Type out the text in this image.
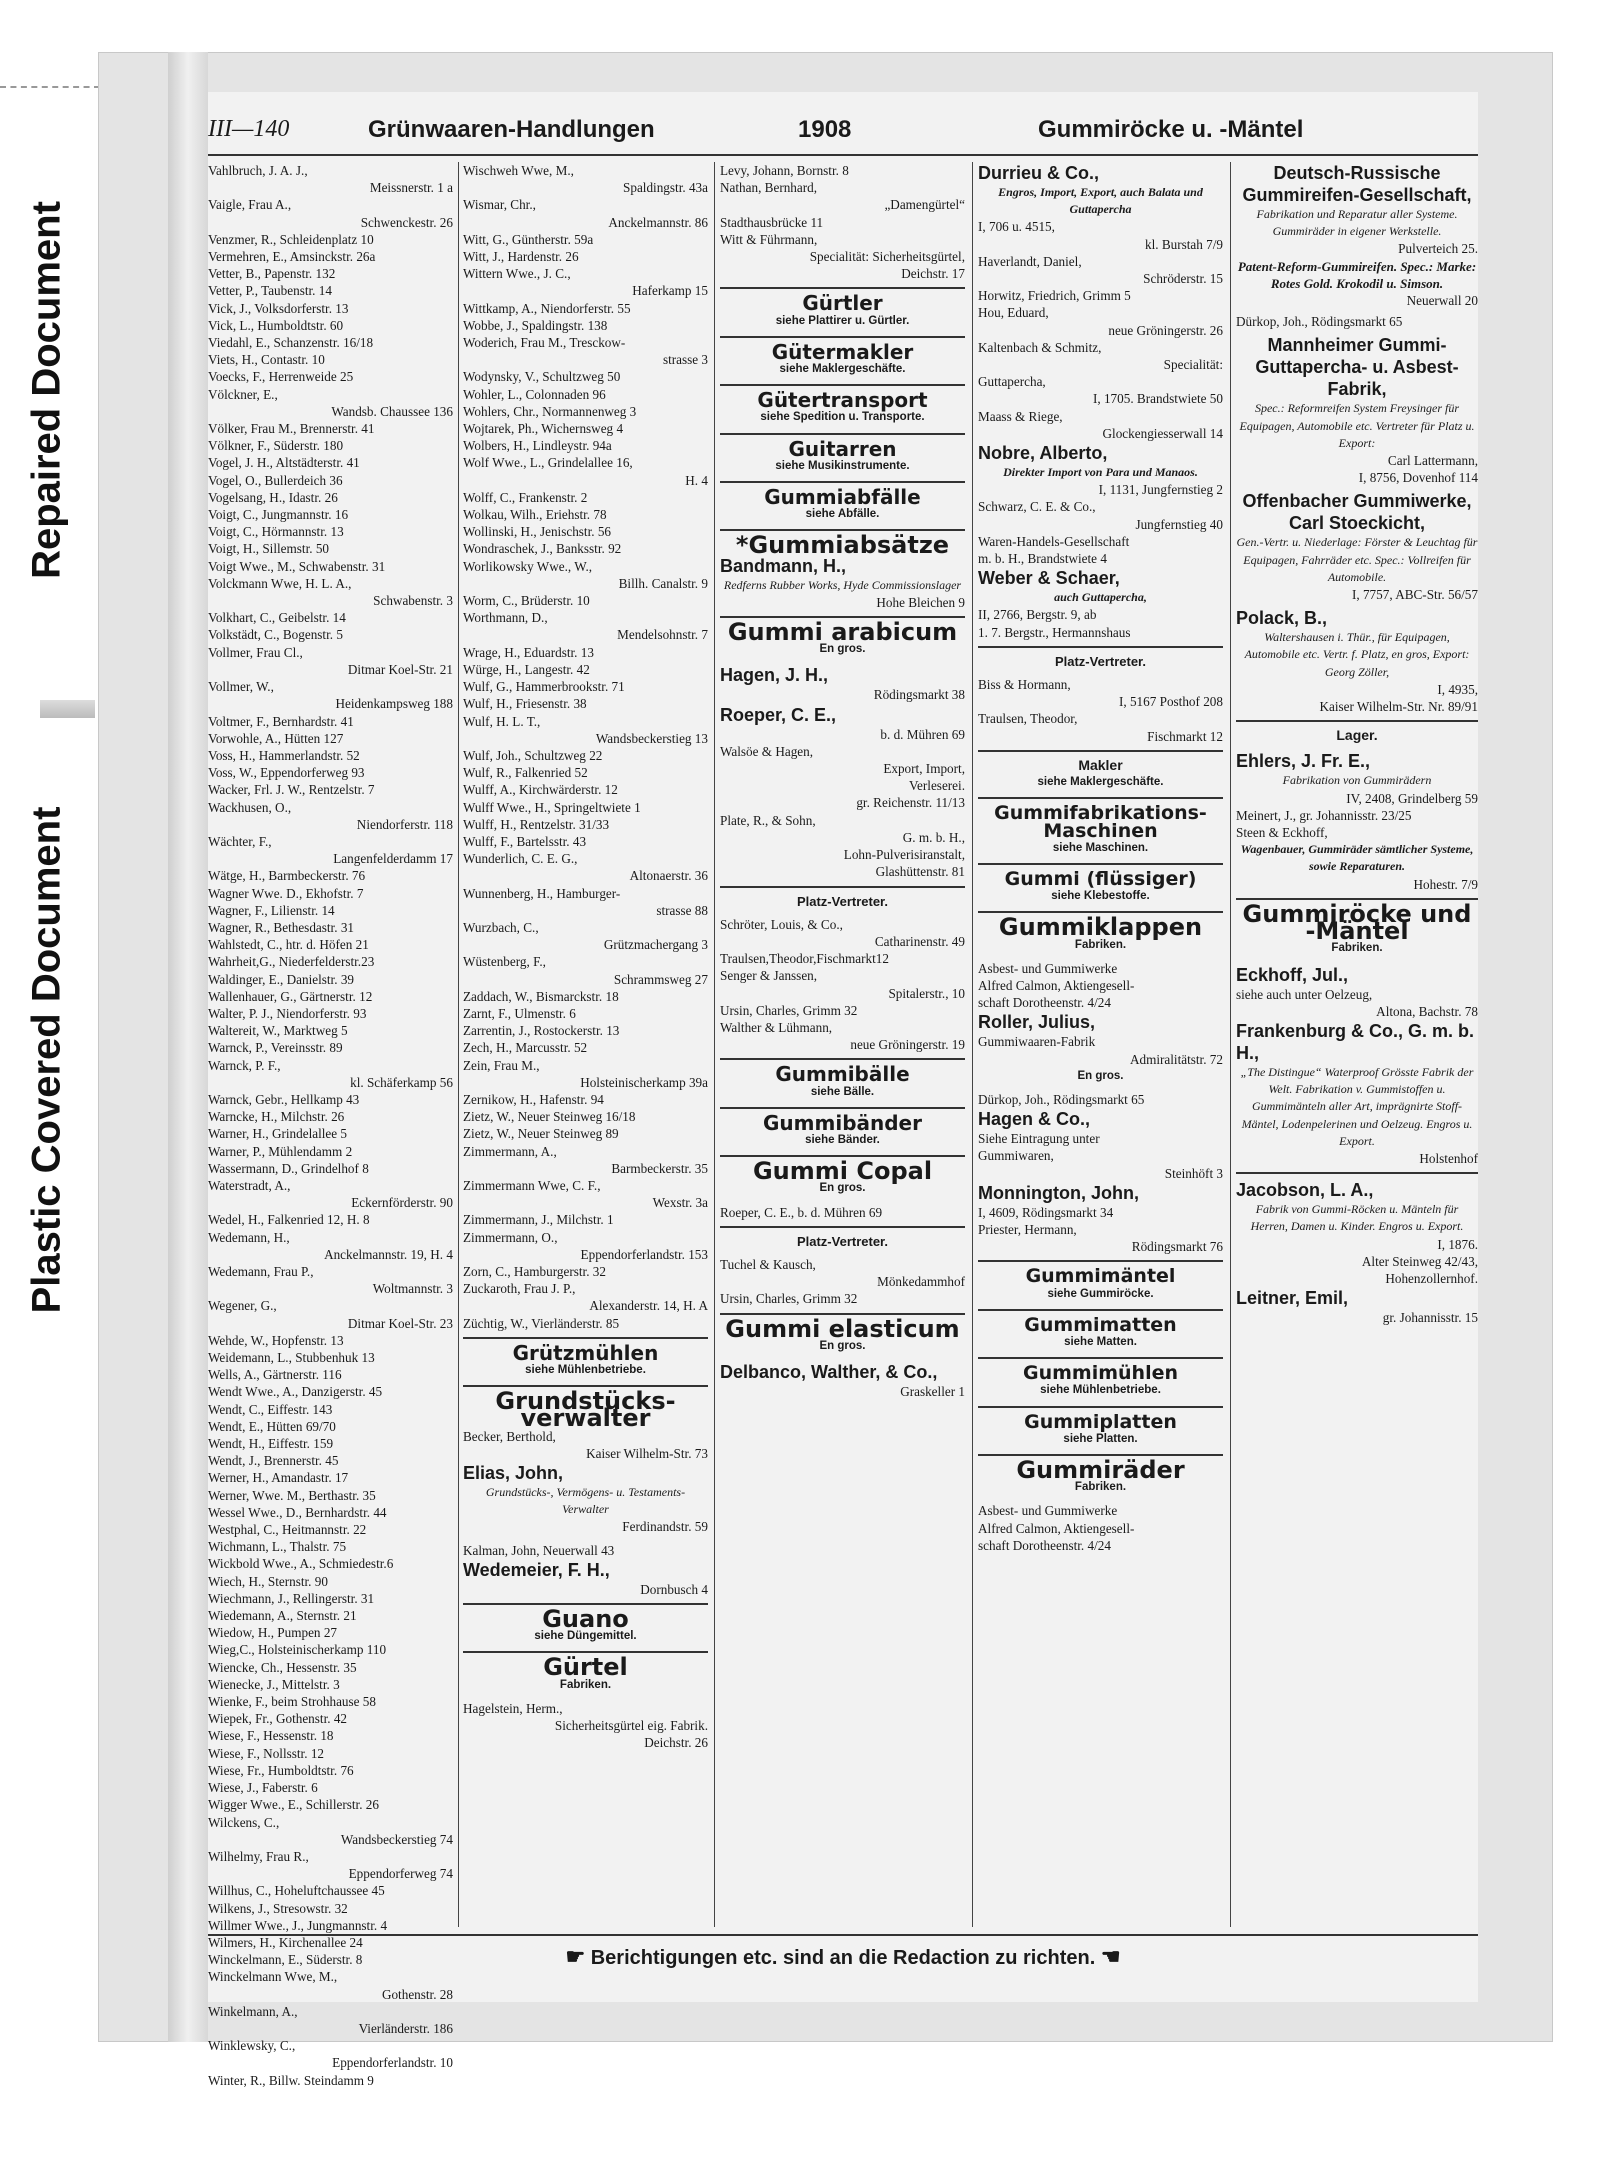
Repaired Document
Plastic Covered Document
III—140	Grünwaaren-Handlungen	1908	Gummiröcke u. -Mäntel
Vahlbruch, J. A. J.,
Meissnerstr. 1 a
Vaigle, Frau A.,
Schwenckestr. 26
Venzmer, R., Schleidenplatz 10
Vermehren, E., Amsinckstr. 26a
Vetter, B., Papenstr. 132
Vetter, P., Taubenstr. 14
Vick, J., Volksdorferstr. 13
Vick, L., Humboldtstr. 60
Viedahl, E., Schanzenstr. 16/18
Viets, H., Contastr. 10
Voecks, F., Herrenweide 25
Völckner, E.,
Wandsb. Chaussee 136
Völker, Frau M., Brennerstr. 41
Völkner, F., Süderstr. 180
Vogel, J. H., Altstädterstr. 41
Vogel, O., Bullerdeich 36
Vogelsang, H., Idastr. 26
Voigt, C., Jungmannstr. 16
Voigt, C., Hörmannstr. 13
Voigt, H., Sillemstr. 50
Voigt Wwe., M., Schwabenstr. 31
Volckmann Wwe, H. L. A.,
Schwabenstr. 3
Volkhart, C., Geibelstr. 14
Volkstädt, C., Bogenstr. 5
Vollmer, Frau Cl.,
Ditmar Koel-Str. 21
Vollmer, W.,
Heidenkampsweg 188
Voltmer, F., Bernhardstr. 41
Vorwohle, A., Hütten 127
Voss, H., Hammerlandstr. 52
Voss, W., Eppendorferweg 93
Wacker, Frl. J. W., Rentzelstr. 7
Wackhusen, O.,
Niendorferstr. 118
Wächter, F.,
Langenfelderdamm 17
Wätge, H., Barmbeckerstr. 76
Wagner Wwe. D., Ekhofstr. 7
Wagner, F., Lilienstr. 14
Wagner, R., Bethesdastr. 31
Wahlstedt, C., htr. d. Höfen 21
Wahrheit,G., Niederfelderstr.23
Waldinger, E., Danielstr. 39
Wallenhauer, G., Gärtnerstr. 12
Walter, P. J., Niendorferstr. 93
Waltereit, W., Marktweg 5
Warnck, P., Vereinsstr. 89
Warnck, P. F.,
kl. Schäferkamp 56
Warnck, Gebr., Hellkamp 43
Warncke, H., Milchstr. 26
Warner, H., Grindelallee 5
Warner, P., Mühlendamm 2
Wassermann, D., Grindelhof 8
Waterstradt, A.,
Eckernförderstr. 90
Wedel, H., Falkenried 12, H. 8
Wedemann, H.,
Anckelmannstr. 19, H. 4
Wedemann, Frau P.,
Woltmannstr. 3
Wegener, G.,
Ditmar Koel-Str. 23
Wehde, W., Hopfenstr. 13
Weidemann, L., Stubbenhuk 13
Wells, A., Gärtnerstr. 116
Wendt Wwe., A., Danzigerstr. 45
Wendt, C., Eiffestr. 143
Wendt, E., Hütten 69/70
Wendt, H., Eiffestr. 159
Wendt, J., Brennerstr. 45
Werner, H., Amandastr. 17
Werner, Wwe. M., Berthastr. 35
Wessel Wwe., D., Bernhardstr. 44
Westphal, C., Heitmannstr. 22
Wichmann, L., Thalstr. 75
Wickbold Wwe., A., Schmiedestr.6
Wiech, H., Sternstr. 90
Wiechmann, J., Rellingerstr. 31
Wiedemann, A., Sternstr. 21
Wiedow, H., Pumpen 27
Wieg,C., Holsteinischerkamp 110
Wiencke, Ch., Hessenstr. 35
Wienecke, J., Mittelstr. 3
Wienke, F., beim Strohhause 58
Wiepek, Fr., Gothenstr. 42
Wiese, F., Hessenstr. 18
Wiese, F., Nollsstr. 12
Wiese, Fr., Humboldtstr. 76
Wiese, J., Faberstr. 6
Wigger Wwe., E., Schillerstr. 26
Wilckens, C.,
Wandsbeckerstieg 74
Wilhelmy, Frau R.,
Eppendorferweg 74
Willhus, C., Hoheluftchaussee 45
Wilkens, J., Stresowstr. 32
Willmer Wwe., J., Jungmannstr. 4
Wilmers, H., Kirchenallee 24
Winckelmann, E., Süderstr. 8
Winckelmann Wwe, M.,
Gothenstr. 28
Winkelmann, A.,
Vierländerstr. 186
Winklewsky, C.,
Eppendorferlandstr. 10
Winter, R., Billw. Steindamm 9
Wischweh Wwe, M.,
Spaldingstr. 43a
Wismar, Chr.,
Anckelmannstr. 86
Witt, G., Güntherstr. 59a
Witt, J., Hardenstr. 26
Wittern Wwe., J. C.,
Haferkamp 15
Wittkamp, A., Niendorferstr. 55
Wobbe, J., Spaldingstr. 138
Woderich, Frau M., Tresckow-
strasse 3
Wodynsky, V., Schultzweg 50
Wohler, L., Colonnaden 96
Wohlers, Chr., Normannenweg 3
Wojtarek, Ph., Wichernsweg 4
Wolbers, H., Lindleystr. 94a
Wolf Wwe., L., Grindelallee 16,
H. 4
Wolff, C., Frankenstr. 2
Wolkau, Wilh., Eriehstr. 78
Wollinski, H., Jenischstr. 56
Wondraschek, J., Banksstr. 92
Worlikowsky Wwe., W.,
Billh. Canalstr. 9
Worm, C., Brüderstr. 10
Worthmann, D.,
Mendelsohnstr. 7
Wrage, H., Eduardstr. 13
Würge, H., Langestr. 42
Wulf, G., Hammerbrookstr. 71
Wulf, H., Friesenstr. 38
Wulf, H. L. T.,
Wandsbeckerstieg 13
Wulf, Joh., Schultzweg 22
Wulf, R., Falkenried 52
Wulff, A., Kirchwärderstr. 12
Wulff Wwe., H., Springeltwiete 1
Wulff, H., Rentzelstr. 31/33
Wulff, F., Bartelsstr. 43
Wunderlich, C. E. G.,
Altonaerstr. 36
Wunnenberg, H., Hamburger-
strasse 88
Wurzbach, C.,
Grützmachergang 3
Wüstenberg, F.,
Schrammsweg 27
Zaddach, W., Bismarckstr. 18
Zarnt, F., Ulmenstr. 6
Zarrentin, J., Rostockerstr. 13
Zech, H., Marcusstr. 52
Zein, Frau M.,
Holsteinischerkamp 39a
Zernikow, H., Hafenstr. 94
Zietz, W., Neuer Steinweg 16/18
Zietz, W., Neuer Steinweg 89
Zimmermann, A.,
Barmbeckerstr. 35
Zimmermann Wwe, C. F.,
Wexstr. 3a
Zimmermann, J., Milchstr. 1
Zimmermann, O.,
Eppendorferlandstr. 153
Zorn, C., Hamburgerstr. 32
Zuckaroth, Frau J. P.,
Alexanderstr. 14, H. A
Züchtig, W., Vierländerstr. 85
Grützmühlen
siehe Mühlenbetriebe.
Grundstücks-verwalter
Becker, Berthold,
Kaiser Wilhelm-Str. 73
Elias, John,
Grundstücks-, Vermögens- u. Testaments-Verwalter
Ferdinandstr. 59
Kalman, John, Neuerwall 43
Wedemeier, F. H.,
Dornbusch 4
Guano
siehe Düngemittel.
Gürtel
Fabriken.
Hagelstein, Herm.,
Sicherheitsgürtel eig. Fabrik.
Deichstr. 26
Levy, Johann, Bornstr. 8
Nathan, Bernhard,
„Damengürtel“
Stadthausbrücke 11
Witt & Führmann,
Specialität: Sicherheitsgürtel,
Deichstr. 17
Gürtler
siehe Plattirer u. Gürtler.
Gütermakler
siehe Maklergeschäfte.
Gütertransport
siehe Spedition u. Transporte.
Guitarren
siehe Musikinstrumente.
Gummiabfälle
siehe Abfälle.
*Gummiabsätze
Bandmann, H.,
Redferns Rubber Works, Hyde Commissionslager
Hohe Bleichen 9
Gummi arabicum
En gros.
Hagen, J. H.,
Rödingsmarkt 38
Roeper, C. E.,
b. d. Mühren 69
Walsöe & Hagen,
Export, Import,
Verleserei.
gr. Reichenstr. 11/13
Plate, R., & Sohn,
G. m. b. H.,
Lohn-Pulverisiranstalt,
Glashüttenstr. 81
Platz-Vertreter.
Schröter, Louis, & Co.,
Catharinenstr. 49
Traulsen,Theodor,Fischmarkt12
Senger & Janssen,
Spitalerstr., 10
Ursin, Charles, Grimm 32
Walther & Lühmann,
neue Gröningerstr. 19
Gummibälle
siehe Bälle.
Gummibänder
siehe Bänder.
Gummi Copal
En gros.
Roeper, C. E., b. d. Mühren 69
Platz-Vertreter.
Tuchel & Kausch,
Mönkedammhof
Ursin, Charles, Grimm 32
Gummi elasticum
En gros.
Delbanco, Walther, & Co.,
Graskeller 1
Durrieu & Co.,
Engros, Import, Export, auch Balata und Guttapercha
I, 706 u. 4515,
kl. Burstah 7/9
Haverlandt, Daniel,
Schröderstr. 15
Horwitz, Friedrich, Grimm 5
Hou, Eduard,
neue Gröningerstr. 26
Kaltenbach & Schmitz,
Specialität:
Guttapercha,
I, 1705. Brandstwiete 50
Maass & Riege,
Glockengiesserwall 14
Nobre, Alberto,
Direkter Import von Para und Manaos.
I, 1131, Jungfernstieg 2
Schwarz, C. E. & Co.,
Jungfernstieg 40
Waren-Handels-Gesellschaft
m. b. H., Brandstwiete 4
Weber & Schaer,
auch Guttapercha,
II, 2766, Bergstr. 9, ab
1. 7. Bergstr., Hermannshaus
Platz-Vertreter.
Biss & Hormann,
I, 5167 Posthof 208
Traulsen, Theodor,
Fischmarkt 12
Makler
siehe Maklergeschäfte.
Gummifabrikations-Maschinen
siehe Maschinen.
Gummi (flüssiger)
siehe Klebestoffe.
Gummiklappen
Fabriken.
Asbest- und Gummiwerke
Alfred Calmon, Aktiengesell-
schaft Dorotheenstr. 4/24
Roller, Julius,
Gummiwaaren-Fabrik
Admiralitätstr. 72
En gros.
Dürkop, Joh., Rödingsmarkt 65
Hagen & Co.,
Siehe Eintragung unter
Gummiwaren,
Steinhöft 3
Monnington, John,
I, 4609, Rödingsmarkt 34
Priester, Hermann,
Rödingsmarkt 76
Gummimäntel
siehe Gummiröcke.
Gummimatten
siehe Matten.
Gummimühlen
siehe Mühlenbetriebe.
Gummiplatten
siehe Platten.
Gummiräder
Fabriken.
Asbest- und Gummiwerke
Alfred Calmon, Aktiengesell-
schaft Dorotheenstr. 4/24
Deutsch-Russische Gummireifen-Gesellschaft,
Fabrikation und Reparatur aller Systeme. Gummiräder in eigener Werkstelle.
Pulverteich 25.
Patent-Reform-Gummireifen. Spec.: Marke: Rotes Gold. Krokodil u. Simson.
Neuerwall 20
Dürkop, Joh., Rödingsmarkt 65
Mannheimer Gummi-Guttapercha- u. Asbest-Fabrik,
Spec.: Reformreifen System Freysinger für Equipagen, Automobile etc. Vertreter für Platz u. Export:
Carl Lattermann,
I, 8756, Dovenhof 114
Offenbacher Gummiwerke, Carl Stoeckicht,
Gen.-Vertr. u. Niederlage: Förster & Leuchtag für Equipagen, Fahrräder etc. Spec.: Vollreifen für Automobile.
I, 7757, ABC-Str. 56/57
Polack, B.,
Waltershausen i. Thür., für Equipagen, Automobile etc. Vertr. f. Platz, en gros, Export: Georg Zöller,
I, 4935,
Kaiser Wilhelm-Str. Nr. 89/91
Lager.
Ehlers, J. Fr. E.,
Fabrikation von Gummirädern
IV, 2408, Grindelberg 59
Meinert, J., gr. Johannisstr. 23/25
Steen & Eckhoff,
Wagenbauer, Gummiräder sämtlicher Systeme, sowie Reparaturen.
Hohestr. 7/9
Gummiröcke und -Mäntel
Fabriken.
Eckhoff, Jul.,
siehe auch unter Oelzeug,
Altona, Bachstr. 78
Frankenburg & Co., G. m. b. H.,
„The Distingue“ Waterproof Grösste Fabrik der Welt. Fabrikation v. Gummistoffen u. Gummimänteln aller Art, imprägnirte Stoff-Mäntel, Lodenpelerinen und Oelzeug. Engros u. Export.
Holstenhof
Jacobson, L. A.,
Fabrik von Gummi-Röcken u. Mänteln für Herren, Damen u. Kinder. Engros u. Export.
I, 1876.
Alter Steinweg 42/43,
Hohenzollernhof.
Leitner, Emil,
gr. Johannisstr. 15
☛ Berichtigungen etc. sind an die Redaction zu richten. ☚
